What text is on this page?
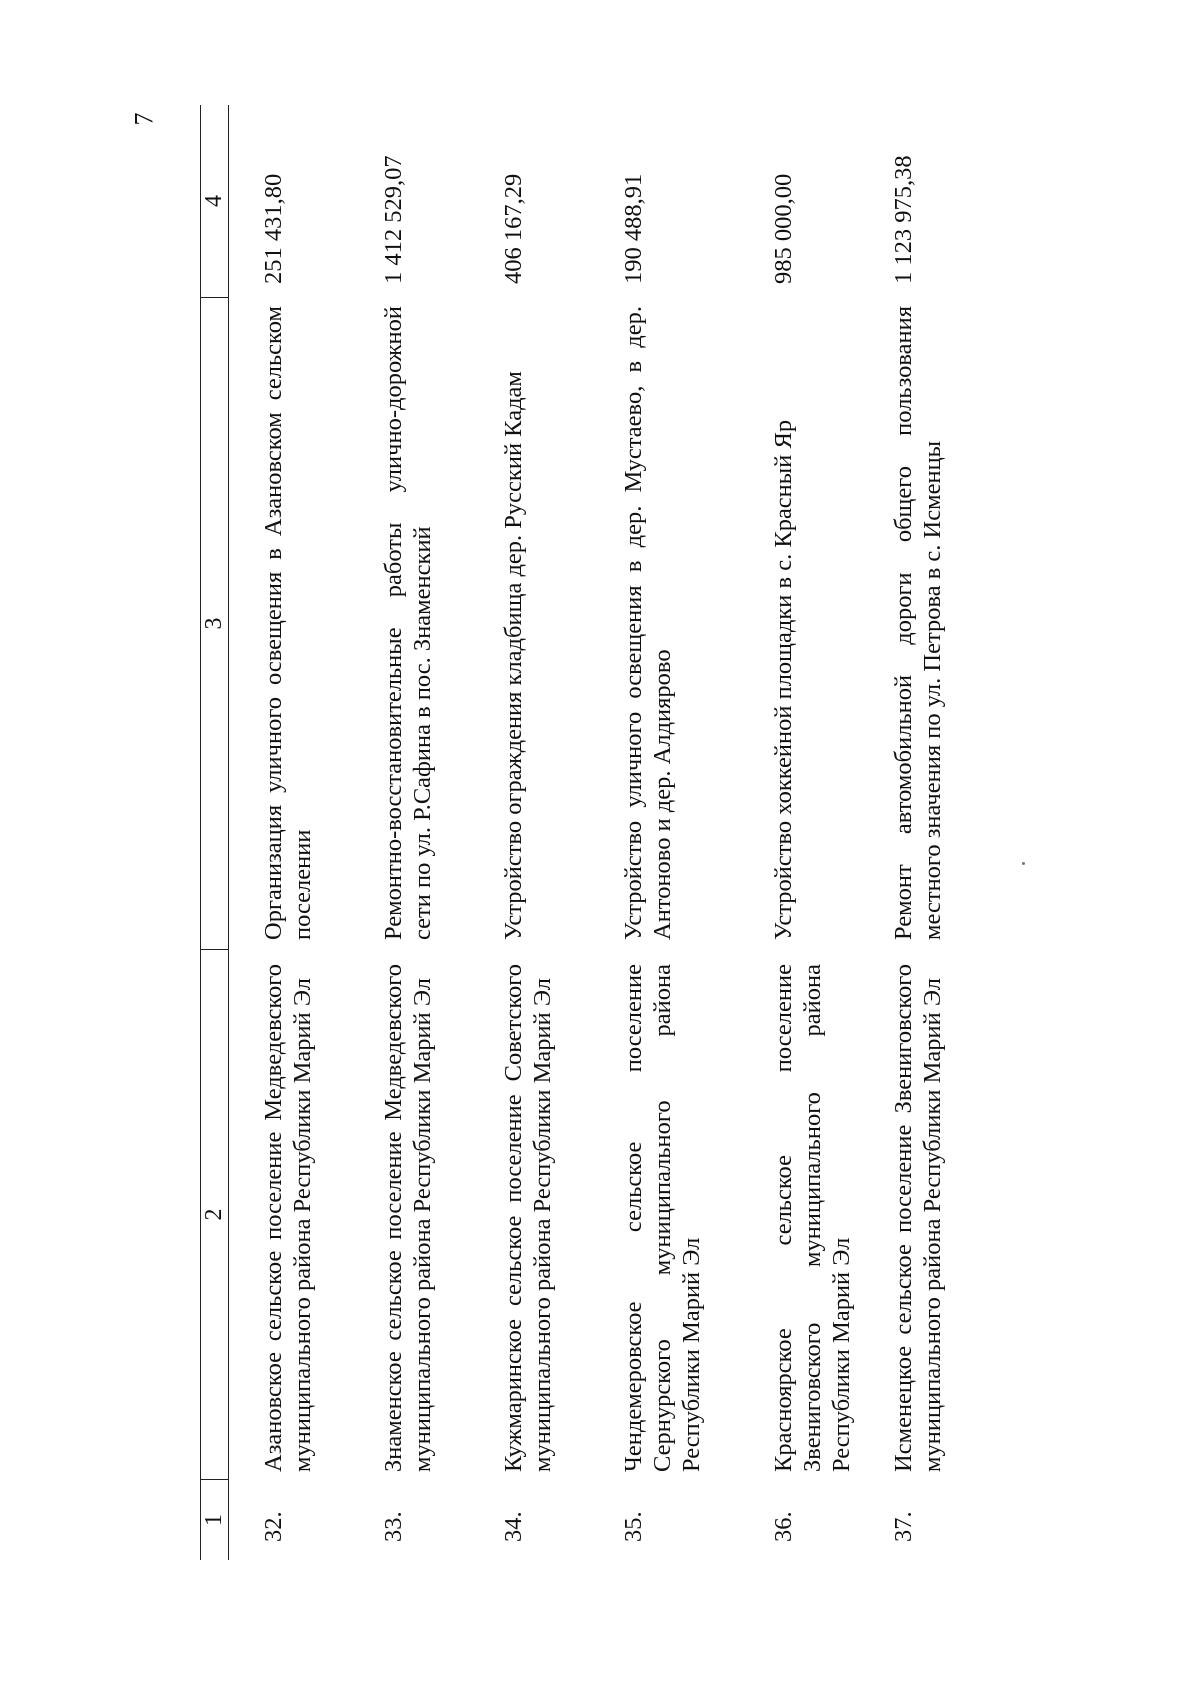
7
1
2
3
4
32.
Азановское сельское поселение Медведевского муниципального района Республики Марий Эл
Организация уличного освещения в Азановском сельском поселении
251 431,80
33.
Знаменское сельское поселение Медведевского муниципального района Республики Марий Эл
Ремонтно-восстановительные работы улично-дорожной сети по ул. Р.Сафина в пос. Знаменский
1 412 529,07
34.
Кужмаринское сельское поселение Советского муниципального района Республики Марий Эл
Устройство ограждения кладбища дер. Русский Кадам
406 167,29
35.
Чендемеровское сельское поселение Сернурского муниципального района Республики Марий Эл
Устройство уличного освещения в дер. Мустаево, в дер. Антоново и дер. Алдиярово
190 488,91
36.
Красноярское сельское поселение Звениговского муниципального района Республики Марий Эл
Устройство хоккейной площадки в с. Красный Яр
985 000,00
37.
Исменецкое сельское поселение Звениговского муниципального района Республики Марий Эл
Ремонт автомобильной дороги общего пользования местного значения по ул. Петрова в с. Исменцы
1 123 975,38
